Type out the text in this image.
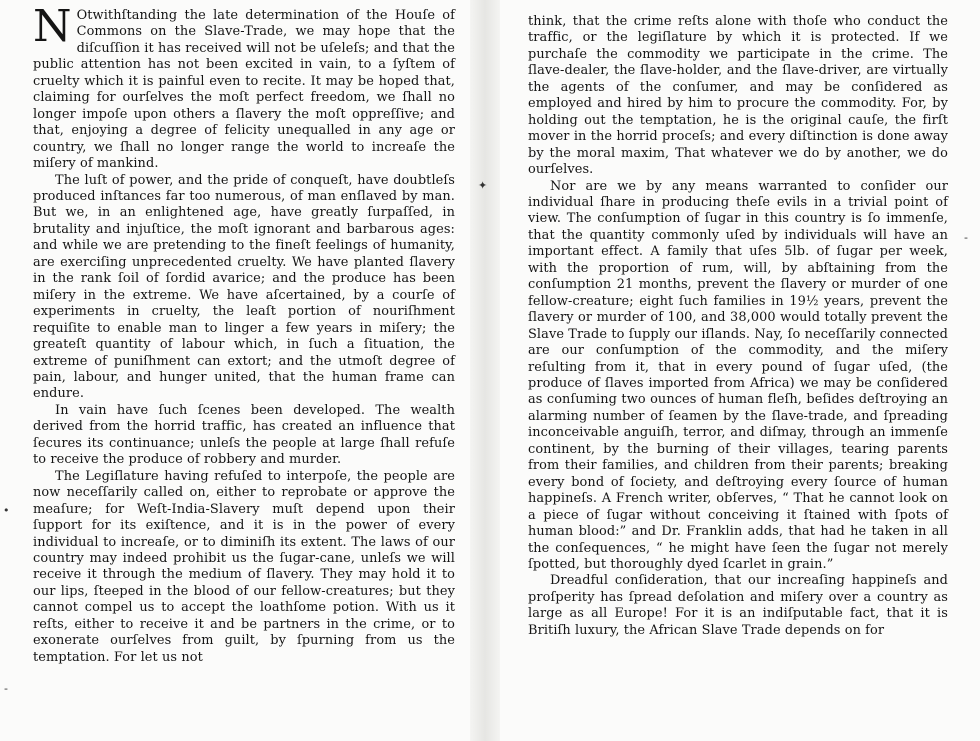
N Otwithſtanding the late determination of the Houſe of Commons on the Slave-Trade, we may hope that the diſcuſſion it has received will not be uſeleſs; and that the public attention has not been excited in vain, to a ſyſtem of cruelty which it is painful even to recite. It may be hoped that, claiming for ourſelves the moſt perfect freedom, we ſhall no longer impoſe upon others a ſlavery the moſt oppreſſive; and that, enjoying a degree of felicity unequalled in any age or country, we ſhall no longer range the world to increaſe the miſery of mankind.

The luſt of power, and the pride of conqueſt, have doubtleſs produced inſtances far too numerous, of man enſlaved by man. But we, in an enlightened age, have greatly ſurpaſſed, in brutality and injuſtice, the moſt ignorant and barbarous ages: and while we are pretending to the fineſt feelings of humanity, are exerciſing unprecedented cruelty. We have planted ſlavery in the rank ſoil of ſordid avarice; and the produce has been miſery in the extreme. We have aſcertained, by a courſe of experiments in cruelty, the leaſt portion of nouriſhment requiſite to enable man to linger a few years in miſery; the greateſt quantity of labour which, in ſuch a ſituation, the extreme of puniſhment can extort; and the utmoſt degree of pain, labour, and hunger united, that the human frame can endure.

In vain have ſuch ſcenes been developed. The wealth derived from the horrid traffic, has created an influence that ſecures its continuance; unleſs the people at large ſhall refuſe to receive the produce of robbery and murder.

The Legiſlature having refuſed to interpoſe, the people are now neceſſarily called on, either to reprobate or approve the meaſure; for Weſt-India-Slavery muſt depend upon their ſupport for its exiſtence, and it is in the power of every individual to increaſe, or to diminiſh its extent. The laws of our country may indeed prohibit us the ſugar-cane, unleſs we will receive it through the medium of ſlavery. They may hold it to our lips, ſteeped in the blood of our fellow-creatures; but they cannot compel us to accept the loathſome potion. With us it reſts, either to receive it and be partners in the crime, or to exonerate ourſelves from guilt, by ſpurning from us the temptation. For let us not

think, that the crime reſts alone with thoſe who conduct the traffic, or the legiſlature by which it is protected. If we purchaſe the commodity we participate in the crime. The ſlave-dealer, the ſlave-holder, and the ſlave-driver, are virtually the agents of the conſumer, and may be conſidered as employed and hired by him to procure the commodity. For, by holding out the temptation, he is the original cauſe, the firſt mover in the horrid proceſs; and every diſtinction is done away by the moral maxim, That whatever we do by another, we do ourſelves.

Nor are we by any means warranted to conſider our individual ſhare in producing theſe evils in a trivial point of view. The conſumption of ſugar in this country is ſo immenſe, that the quantity commonly uſed by individuals will have an important effect. A family that uſes 5lb. of ſugar per week, with the proportion of rum, will, by abſtaining from the conſumption 21 months, prevent the ſlavery or murder of one fellow-creature; eight ſuch families in 19½ years, prevent the ſlavery or murder of 100, and 38,000 would totally prevent the Slave Trade to ſupply our iſlands. Nay, ſo neceſſarily connected are our conſumption of the commodity, and the miſery reſulting from it, that in every pound of ſugar uſed, (the produce of ſlaves imported from Africa) we may be conſidered as conſuming two ounces of human fleſh, beſides deſtroying an alarming number of ſeamen by the ſlave-trade, and ſpreading inconceivable anguiſh, terror, and diſmay, through an immenſe continent, by the burning of their villages, tearing parents from their families, and children from their parents; breaking every bond of ſociety, and deſtroying every ſource of human happineſs. A French writer, obſerves, “ That he cannot look on a piece of ſugar without conceiving it ſtained with ſpots of human blood:” and Dr. Franklin adds, that had he taken in all the conſequences, “ he might have ſeen the ſugar not merely ſpotted, but thoroughly dyed ſcarlet in grain.”

Dreadful conſideration, that our increaſing happineſs and proſperity has ſpread deſolation and miſery over a country as large as all Europe! For it is an indiſputable fact, that it is Britiſh luxury, the African Slave Trade depends on for

✦
•
‑
‑
